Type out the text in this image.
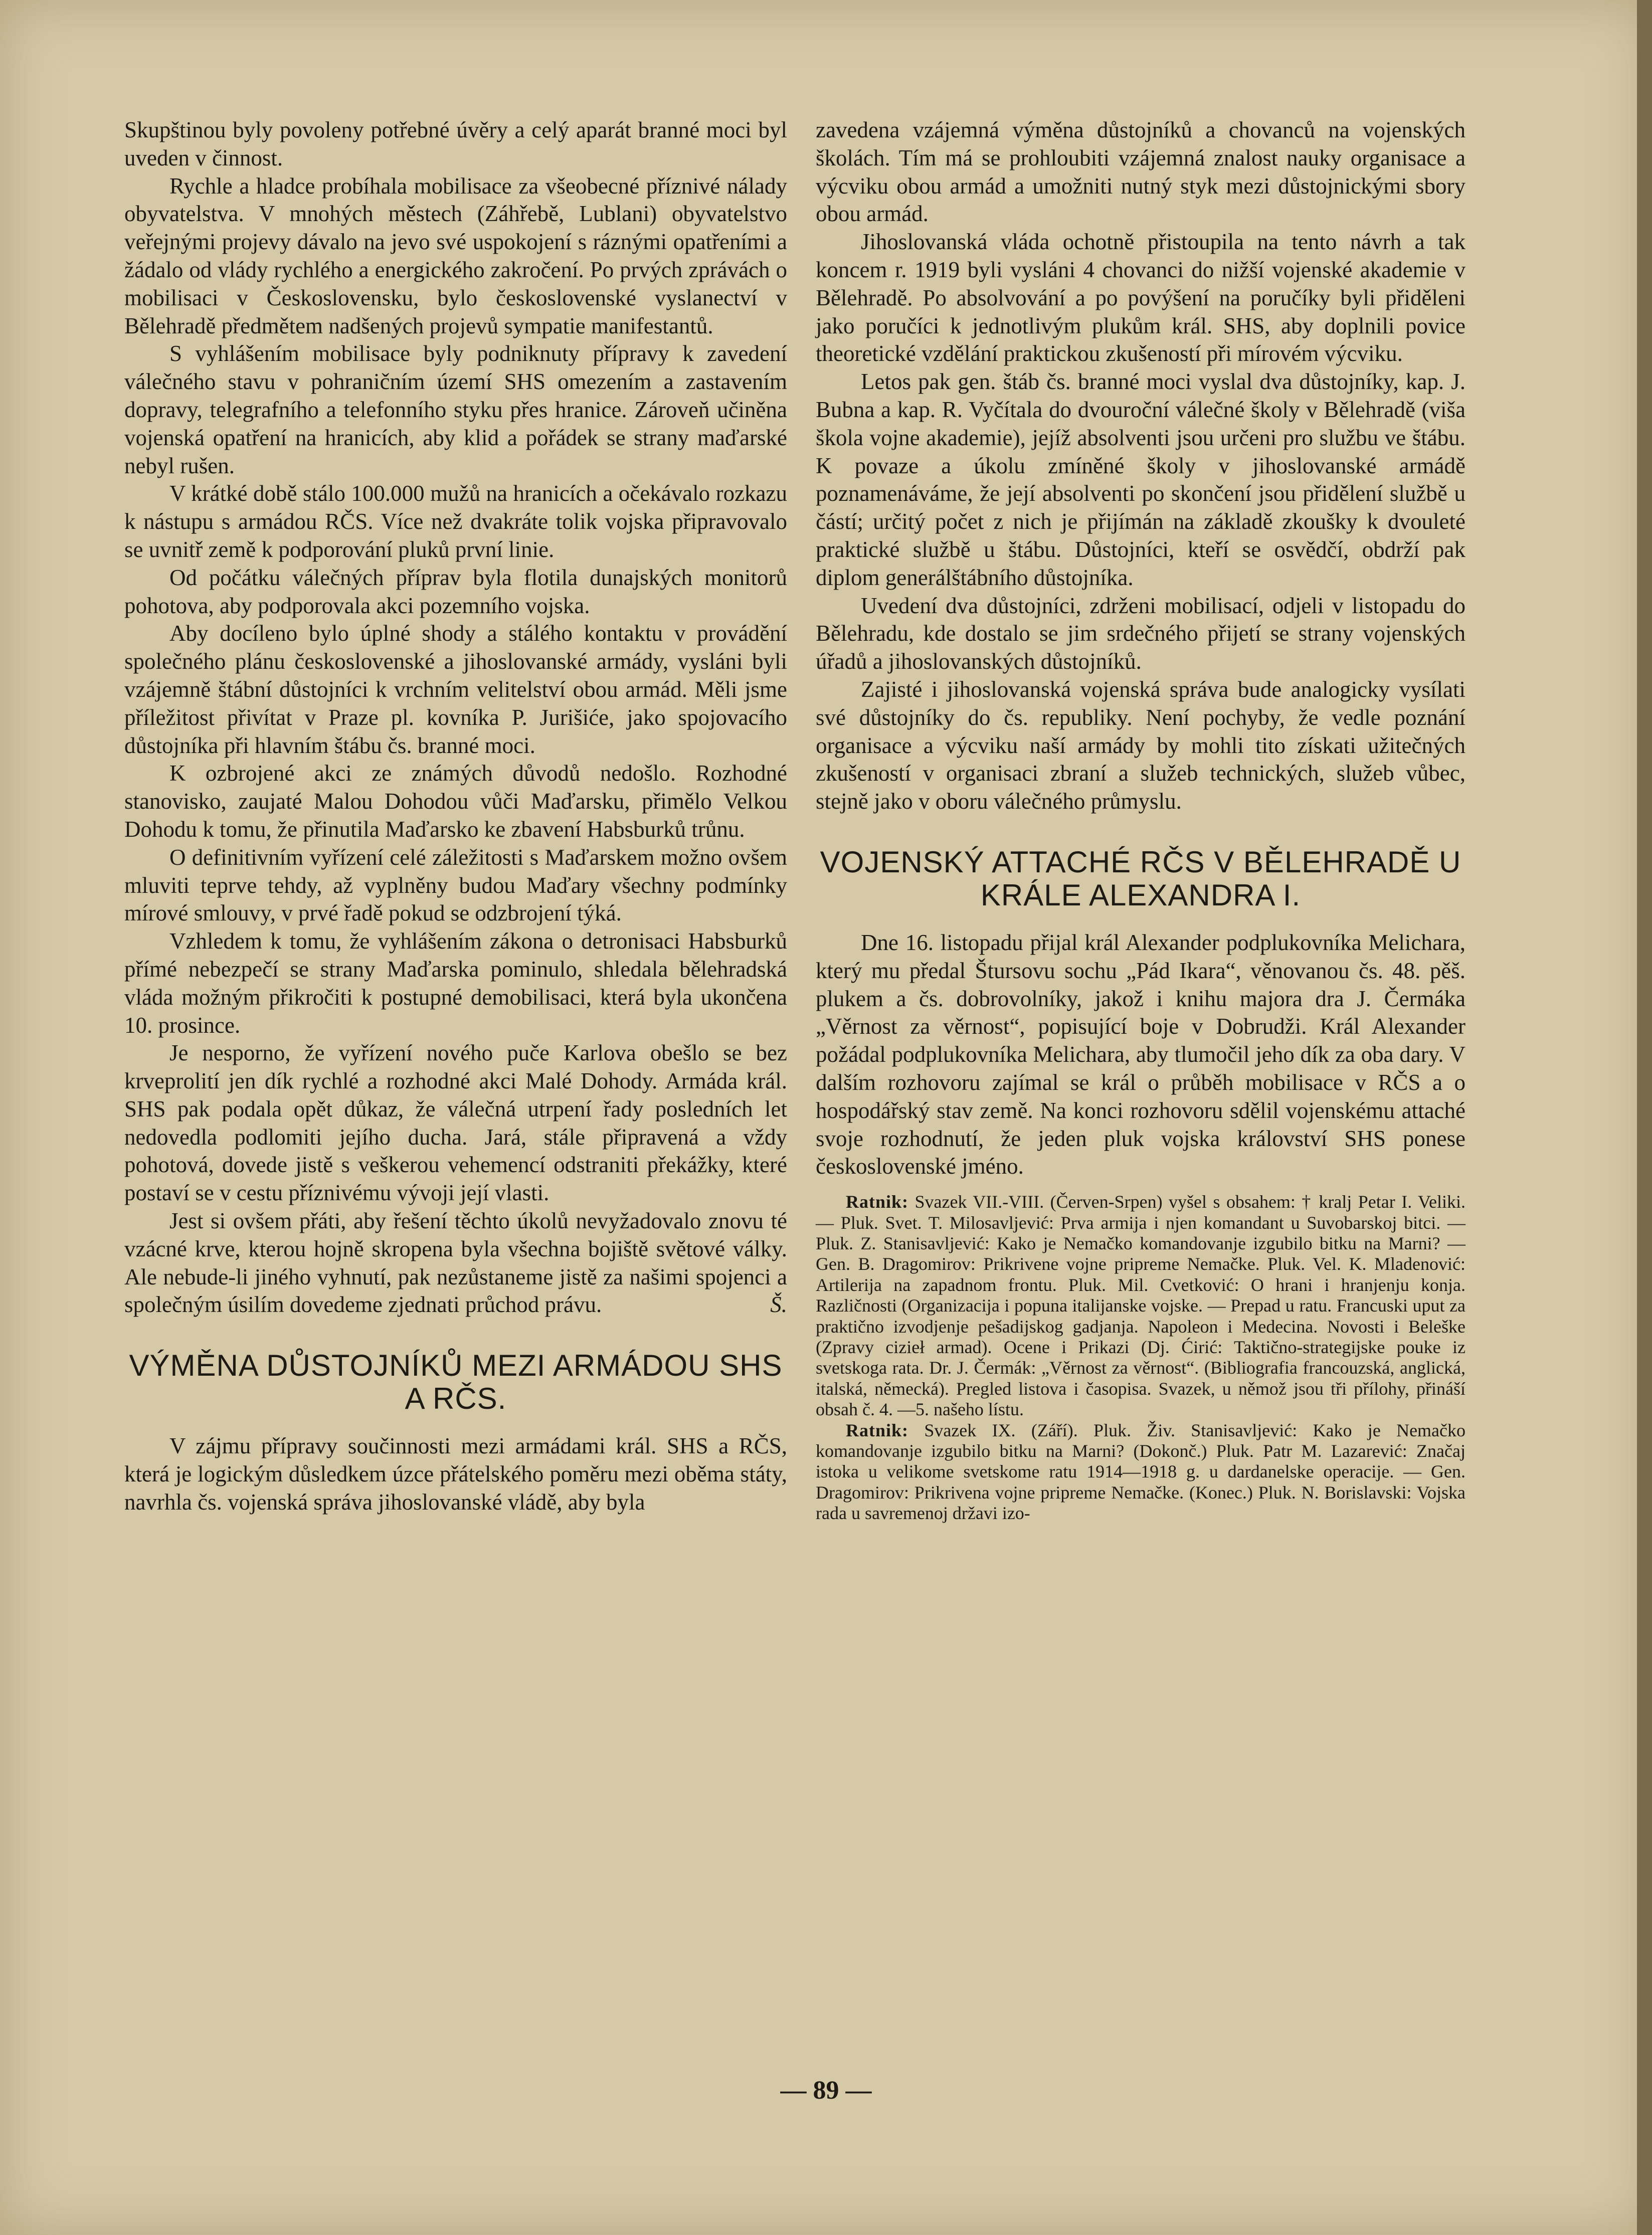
Skupštinou byly povoleny potřebné úvěry a celý aparát branné moci byl uveden v činnost.

Rychle a hladce probíhala mobilisace za všeobecné příznivé nálady obyvatelstva. V mnohých městech (Záhřebě, Lublani) obyvatelstvo veřejnými projevy dávalo na jevo své uspokojení s ráznými opatřeními a žádalo od vlády rychlého a energického zakročení. Po prvých zprávách o mobilisaci v Československu, bylo československé vyslanectví v Bělehradě předmětem nadšených projevů sympatie manifestantů.

S vyhlášením mobilisace byly podniknuty přípravy k zavedení válečného stavu v pohraničním území SHS omezením a zastavením dopravy, telegrafního a telefonního styku přes hranice. Zároveň učiněna vojenská opatření na hranicích, aby klid a pořádek se strany maďarské nebyl rušen.

V krátké době stálo 100.000 mužů na hranicích a očekávalo rozkazu k nástupu s armádou RČS. Více než dvakráte tolik vojska připravovalo se uvnitř země k podporování pluků první linie.

Od počátku válečných příprav byla flotila dunajských monitorů pohotova, aby podporovala akci pozemního vojska.

Aby docíleno bylo úplné shody a stálého kontaktu v provádění společného plánu československé a jihoslovanské armády, vysláni byli vzájemně štábní důstojníci k vrchním velitelství obou armád. Měli jsme příležitost přivítat v Praze pl. kovníka P. Jurišiće, jako spojovacího důstojníka při hlavním štábu čs. branné moci.

K ozbrojené akci ze známých důvodů nedošlo. Rozhodné stanovisko, zaujaté Malou Dohodou vůči Maďarsku, přimělo Velkou Dohodu k tomu, že přinutila Maďarsko ke zbavení Habsburků trůnu.

O definitivním vyřízení celé záležitosti s Maďarskem možno ovšem mluviti teprve tehdy, až vyplněny budou Maďary všechny podmínky mírové smlouvy, v prvé řadě pokud se odzbrojení týká.

Vzhledem k tomu, že vyhlášením zákona o detronisaci Habsburků přímé nebezpečí se strany Maďarska pominulo, shledala bělehradská vláda možným přikročiti k postupné demobilisaci, která byla ukončena 10. prosince.

Je nesporno, že vyřízení nového puče Karlova obešlo se bez krveprolití jen dík rychlé a rozhodné akci Malé Dohody. Armáda král. SHS pak podala opět důkaz, že válečná utrpení řady posledních let nedovedla podlomiti jejího ducha. Jará, stále připravená a vždy pohotová, dovede jistě s veškerou vehemencí odstraniti překážky, které postaví se v cestu příznivému vývoji její vlasti.

Jest si ovšem přáti, aby řešení těchto úkolů nevyžadovalo znovu té vzácné krve, kterou hojně skropena byla všechna bojiště světové války. Ale nebude-li jiného vyhnutí, pak nezůstaneme jistě za našimi spojenci a společným úsilím dovedeme zjednati průchod právu.	Š.

VÝMĚNA DŮSTOJNÍKŮ MEZI ARMÁDOU SHS A RČS.

V zájmu přípravy součinnosti mezi armádami král. SHS a RČS, která je logickým důsledkem úzce přátelského poměru mezi oběma státy, navrhla čs. vojenská správa jihoslovanské vládě, aby byla

zavedena vzájemná výměna důstojníků a chovanců na vojenských školách. Tím má se prohloubiti vzájemná znalost nauky organisace a výcviku obou armád a umožniti nutný styk mezi důstojnickými sbory obou armád.

Jihoslovanská vláda ochotně přistoupila na tento návrh a tak koncem r. 1919 byli vysláni 4 chovanci do nižší vojenské akademie v Bělehradě. Po absolvování a po povýšení na poručíky byli přiděleni jako poručíci k jednotlivým plukům král. SHS, aby doplnili povice theoretické vzdělání praktickou zkušeností při mírovém výcviku.

Letos pak gen. štáb čs. branné moci vyslal dva důstojníky, kap. J. Bubna a kap. R. Vyčítala do dvouroční válečné školy v Bělehradě (viša škola vojne akademie), jejíž absolventi jsou určeni pro službu ve štábu. K povaze a úkolu zmíněné školy v jihoslovanské armádě poznamenáváme, že její absolventi po skončení jsou přidělení službě u částí; určitý počet z nich je přijímán na základě zkoušky k dvouleté praktické službě u štábu. Důstojníci, kteří se osvědčí, obdrží pak diplom generálštábního důstojníka.

Uvedení dva důstojníci, zdrženi mobilisací, odjeli v listopadu do Bělehradu, kde dostalo se jim srdečného přijetí se strany vojenských úřadů a jihoslovanských důstojníků.

Zajisté i jihoslovanská vojenská správa bude analogicky vysílati své důstojníky do čs. republiky. Není pochyby, že vedle poznání organisace a výcviku naší armády by mohli tito získati užitečných zkušeností v organisaci zbraní a služeb technických, služeb vůbec, stejně jako v oboru válečného průmyslu.

VOJENSKÝ ATTACHÉ RČS V BĚLEHRADĚ U KRÁLE ALEXANDRA I.

Dne 16. listopadu přijal král Alexander podplukovníka Melichara, který mu předal Štursovu sochu „Pád Ikara“, věnovanou čs. 48. pěš. plukem a čs. dobrovolníky, jakož i knihu majora dra J. Čermáka „Věrnost za věrnost“, popisující boje v Dobrudži. Král Alexander požádal podplukovníka Melichara, aby tlumočil jeho dík za oba dary. V dalším rozhovoru zajímal se král o průběh mobilisace v RČS a o hospodářský stav země. Na konci rozhovoru sdělil vojenskému attaché svoje rozhodnutí, že jeden pluk vojska království SHS ponese československé jméno.

Ratnik: Svazek VII.-VIII. (Červen-Srpen) vyšel s obsahem: † kralj Petar I. Veliki. — Pluk. Svet. T. Milosavljević: Prva armija i njen komandant u Suvobarskoj bitci. — Pluk. Z. Stanisavljević: Kako je Nemačko komandovanje izgubilo bitku na Marni? — Gen. B. Dragomirov: Prikrivene vojne pripreme Nemačke. Pluk. Vel. K. Mladenović: Artilerija na zapadnom frontu. Pluk. Mil. Cvetković: O hrani i hranjenju konja. Različnosti (Organizacija i popuna italijanske vojske. — Prepad u ratu. Francuski uput za praktično izvodjenje pešadijskog gadjanja. Napoleon i Medecina. Novosti i Beleške (Zpravy cizieł armad). Ocene i Prikazi (Dj. Ćirić: Taktično-strategijske pouke iz svetskoga rata. Dr. J. Čermák: „Věrnost za věrnost“. (Bibliografia francouzská, anglická, italská, německá). Pregled listova i časopisa. Svazek, u němož jsou tři přílohy, přináší obsah č. 4. —5. našeho lístu.

Ratnik: Svazek IX. (Září). Pluk. Živ. Stanisavljević: Kako je Nemačko komandovanje izgubilo bitku na Marni? (Dokonč.) Pluk. Patr M. Lazarević: Značaj istoka u velikome svetskome ratu 1914—1918 g. u dardanelske operacije. — Gen. Dragomirov: Prikrivena vojne pripreme Nemačke. (Konec.) Pluk. N. Borislavski: Vojska rada u savremenoj državi izo-

— 89 —
